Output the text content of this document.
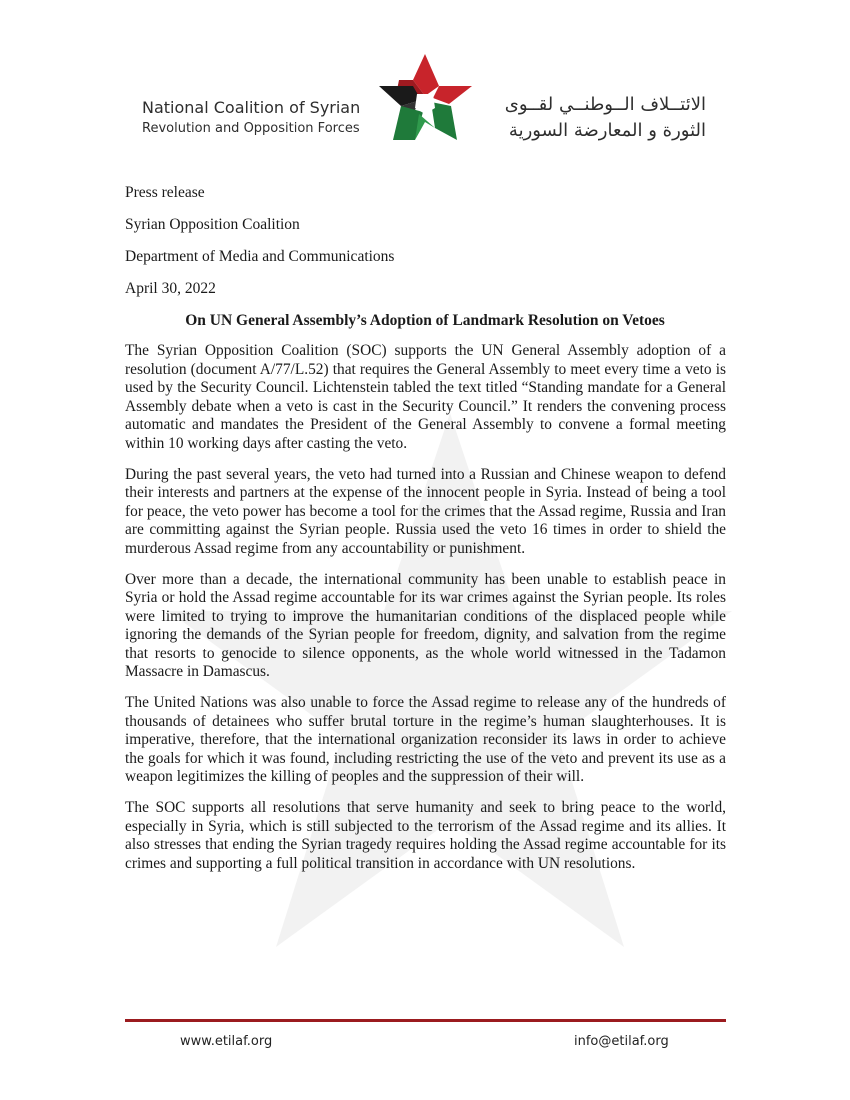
National Coalition of Syrian
Revolution and Opposition Forces
الائتــلاف الــوطنــي لقــوى
الثورة و المعارضة السورية
Press release
Syrian Opposition Coalition
Department of Media and Communications
April 30, 2022
On UN General Assembly’s Adoption of Landmark Resolution on Vetoes

The Syrian Opposition Coalition (SOC) supports the UN General Assembly adoption of a resolution (document A/77/L.52) that requires the General Assembly to meet every time a veto is used by the Security Council. Lichtenstein tabled the text titled “Standing mandate for a General Assembly debate when a veto is cast in the Security Council.” It renders the convening process automatic and mandates the President of the General Assembly to convene a formal meeting within 10 working days after casting the veto.

During the past several years, the veto had turned into a Russian and Chinese weapon to defend their interests and partners at the expense of the innocent people in Syria. Instead of being a tool for peace, the veto power has become a tool for the crimes that the Assad regime, Russia and Iran are committing against the Syrian people. Russia used the veto 16 times in order to shield the murderous Assad regime from any accountability or punishment.

Over more than a decade, the international community has been unable to establish peace in Syria or hold the Assad regime accountable for its war crimes against the Syrian people. Its roles were limited to trying to improve the humanitarian conditions of the displaced people while ignoring the demands of the Syrian people for freedom, dignity, and salvation from the regime that resorts to genocide to silence opponents, as the whole world witnessed in the Tadamon Massacre in Damascus.

The United Nations was also unable to force the Assad regime to release any of the hundreds of thousands of detainees who suffer brutal torture in the regime’s human slaughterhouses. It is imperative, therefore, that the international organization reconsider its laws in order to achieve the goals for which it was found, including restricting the use of the veto and prevent its use as a weapon legitimizes the killing of peoples and the suppression of their will.

The SOC supports all resolutions that serve humanity and seek to bring peace to the world, especially in Syria, which is still subjected to the terrorism of the Assad regime and its allies. It also stresses that ending the Syrian tragedy requires holding the Assad regime accountable for its crimes and supporting a full political transition in accordance with UN resolutions.

www.etilaf.org	info@etilaf.org
